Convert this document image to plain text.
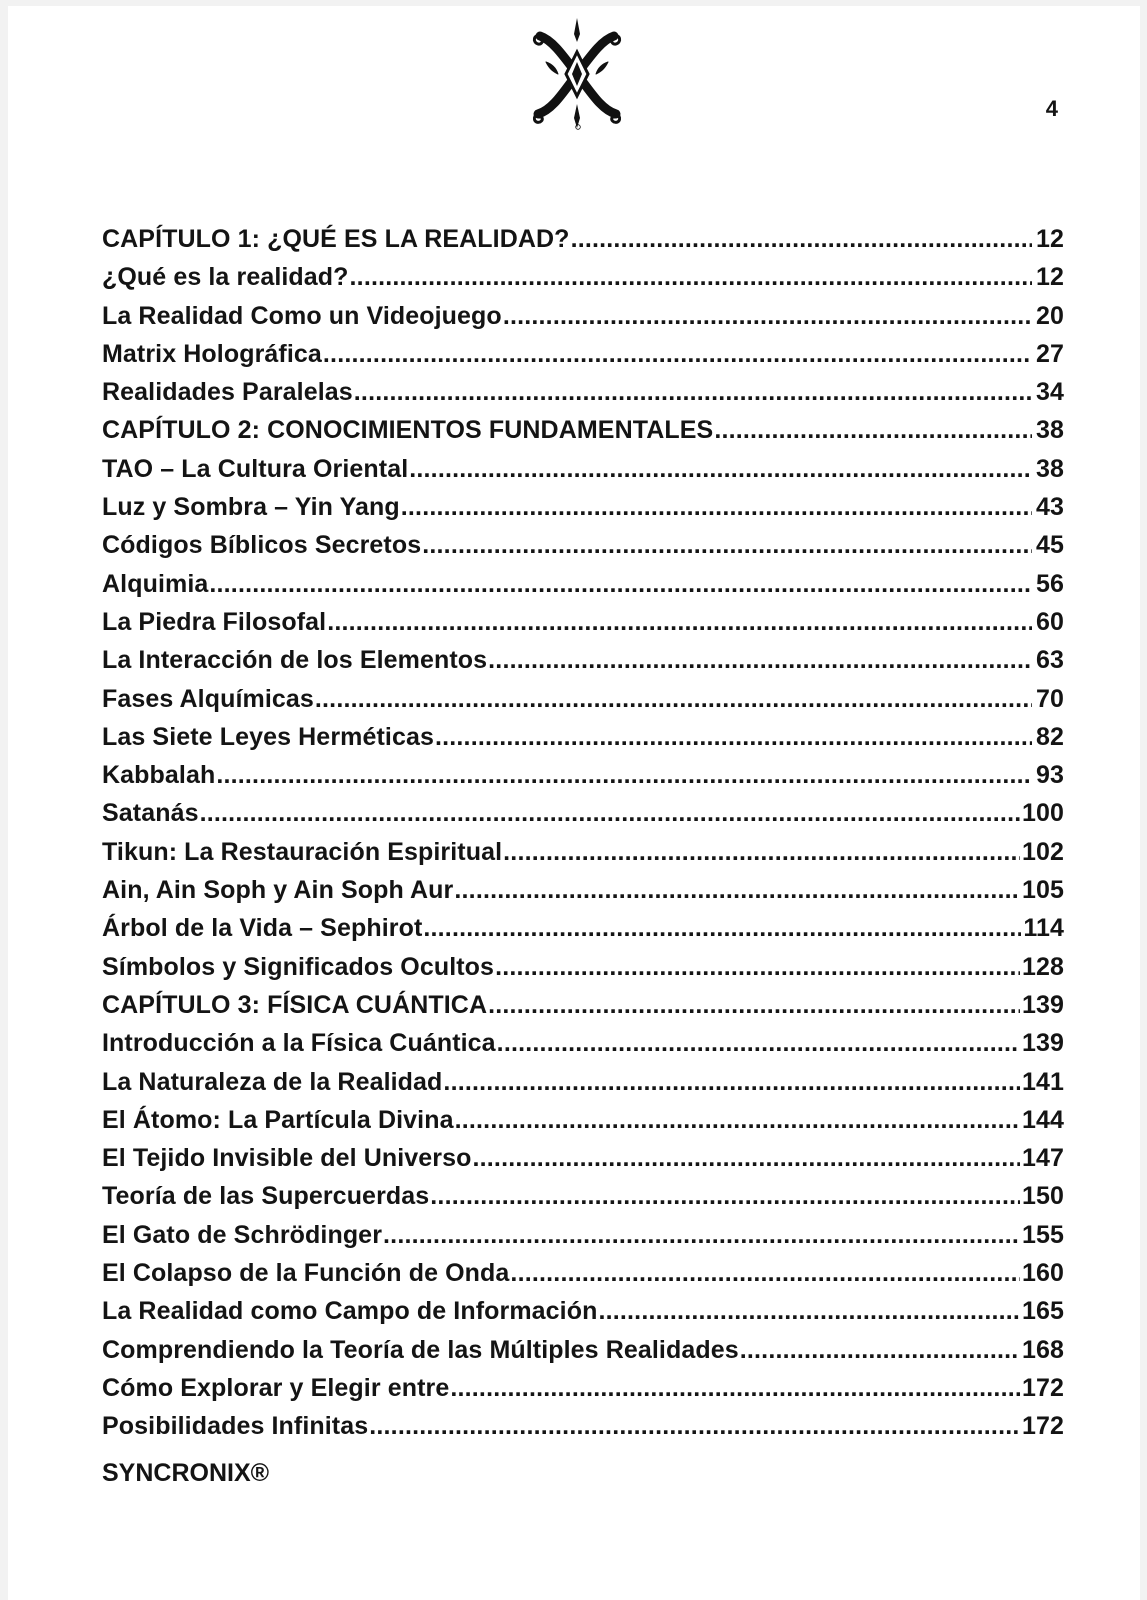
4
CAPÍTULO 1: ¿QUÉ ES LA REALIDAD? .....	12
¿Qué es la realidad? .....	12
La Realidad Como un Videojuego .....	20
Matrix Holográfica .....	27
Realidades Paralelas .....	34
CAPÍTULO 2: CONOCIMIENTOS FUNDAMENTALES .....	38
TAO – La Cultura Oriental .....	38
Luz y Sombra – Yin Yang .....	43
Códigos Bíblicos Secretos .....	45
Alquimia .....	56
La Piedra Filosofal .....	60
La Interacción de los Elementos .....	63
Fases Alquímicas .....	70
Las Siete Leyes Herméticas .....	82
Kabbalah .....	93
Satanás .....	100
Tikun: La Restauración Espiritual .....	102
Ain, Ain Soph y Ain Soph Aur .....	105
Árbol de la Vida – Sephirot .....	114
Símbolos y Significados Ocultos .....	128
CAPÍTULO 3: FÍSICA CUÁNTICA .....	139
Introducción a la Física Cuántica .....	139
La Naturaleza de la Realidad .....	141
El Átomo: La Partícula Divina .....	144
El Tejido Invisible del Universo .....	147
Teoría de las Supercuerdas .....	150
El Gato de Schrödinger .....	155
El Colapso de la Función de Onda .....	160
La Realidad como Campo de Información .....	165
Comprendiendo la Teoría de las Múltiples Realidades .....	168
Cómo Explorar y Elegir entre .....	172
Posibilidades Infinitas .....	172
SYNCRONIX®
